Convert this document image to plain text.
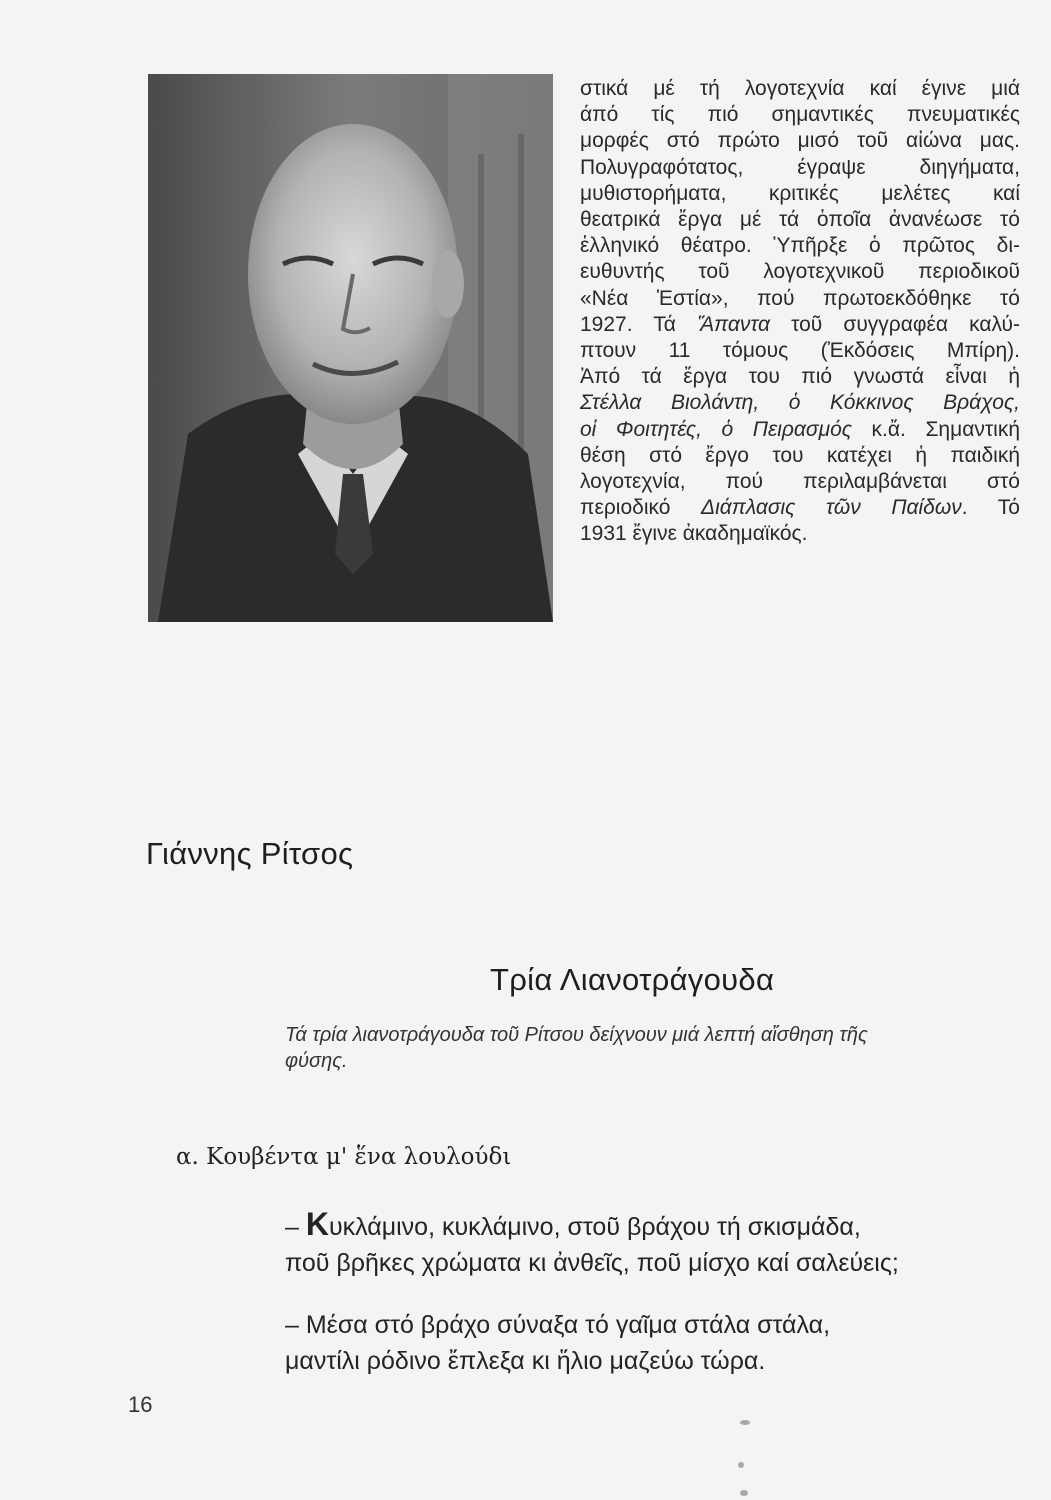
στικά μέ τή λογοτεχνία καί έγινε μιά
άπό τίς πιό σημαντικές πνευματικές
μορφές στό πρώτο μισό τοῦ αἰώνα μας.
Πολυγραφότατος, έγραψε διηγήματα,
μυθιστορήματα, κριτικές μελέτες καί
θεατρικά ἔργα μέ τά ὁποῖα ἀνανέωσε τό
ἑλληνικό θέατρο. Ὑπῆρξε ὁ πρῶτος δι-
ευθυντής τοῦ λογοτεχνικοῦ περιοδικοῦ
«Νέα Ἑστία», πού πρωτοεκδόθηκε τό
1927. Τά Ἅπαντα τοῦ συγγραφέα καλύ-
πτουν 11 τόμους (Ἐκδόσεις Μπίρη).
Ἀπό τά ἔργα του πιό γνωστά εἶναι ἡ
Στέλλα Βιολάντη, ὁ Κόκκινος Βράχος,
οἱ Φοιτητές, ὁ Πειρασμός κ.ἄ. Σημαντική
θέση στό ἔργο του κατέχει ἡ παιδική
λογοτεχνία, πού περιλαμβάνεται στό
περιοδικό Διάπλασις τῶν Παίδων. Τό
1931 ἔγινε ἀκαδημαϊκός.
Γιάννης Ρίτσος
Τρία Λιανοτράγουδα
Τά τρία λιανοτράγουδα τοῦ Ρίτσου δείχνουν μιά λεπτή αἴσθηση τῆς
φύσης.
α. Κουβέντα μ' ἕνα λουλούδι
– Κυκλάμινο, κυκλάμινο, στοῦ βράχου τή σκισμάδα,
ποῦ βρῆκες χρώματα κι ἀνθεῖς, ποῦ μίσχο καί σαλεύεις;
– Μέσα στό βράχο σύναξα τό γαῖμα στάλα στάλα,
μαντίλι ρόδινο ἔπλεξα κι ἥλιο μαζεύω τώρα.
16
